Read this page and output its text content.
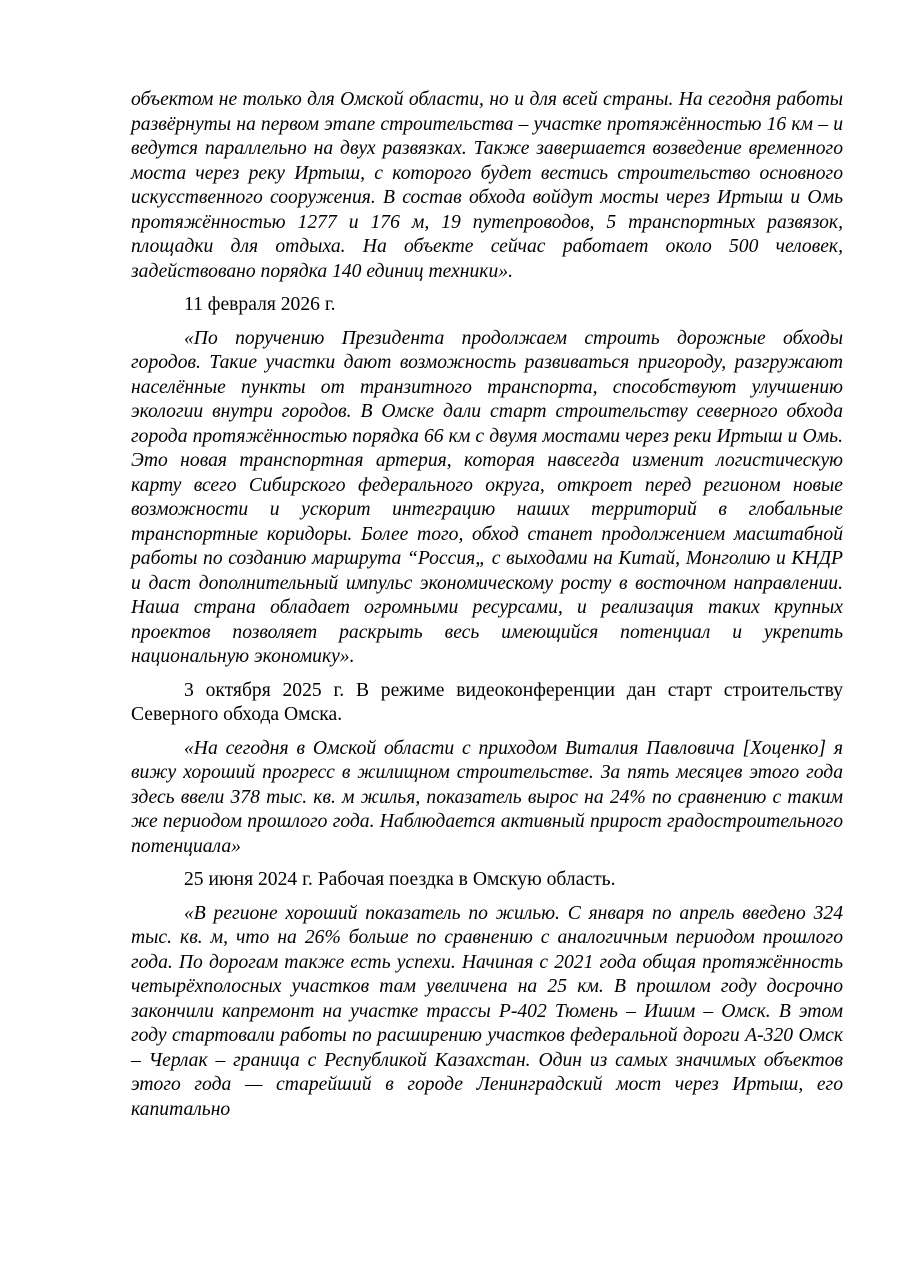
объектом не только для Омской области, но и для всей страны. На сегодня работы развёрнуты на первом этапе строительства – участке протяжённостью 16 км – и ведутся параллельно на двух развязках. Также завершается возведение временного моста через реку Иртыш, с которого будет вестись строительство основного искусственного сооружения. В состав обхода войдут мосты через Иртыш и Омь протяжённостью 1277 и 176 м, 19 путепроводов, 5 транспортных развязок, площадки для отдыха. На объекте сейчас работает около 500 человек, задействовано порядка 140 единиц техники».

11 февраля 2026 г.

«По поручению Президента продолжаем строить дорожные обходы городов. Такие участки дают возможность развиваться пригороду, разгружают населённые пункты от транзитного транспорта, способствуют улучшению экологии внутри городов. В Омске дали старт строительству северного обхода города протяжённостью порядка 66 км с двумя мостами через реки Иртыш и Омь. Это новая транспортная артерия, которая навсегда изменит логистическую карту всего Сибирского федерального округа, откроет перед регионом новые возможности и ускорит интеграцию наших территорий в глобальные транспортные коридоры. Более того, обход станет продолжением масштабной работы по созданию маршрута “Россия„ с выходами на Китай, Монголию и КНДР и даст дополнительный импульс экономическому росту в восточном направлении. Наша страна обладает огромными ресурсами, и реализация таких крупных проектов позволяет раскрыть весь имеющийся потенциал и укрепить национальную экономику».

3 октября 2025 г. В режиме видеоконференции дан старт строительству Северного обхода Омска.

«На сегодня в Омской области с приходом Виталия Павловича [Хоценко] я вижу хороший прогресс в жилищном строительстве. За пять месяцев этого года здесь ввели 378 тыс. кв. м жилья, показатель вырос на 24% по сравнению с таким же периодом прошлого года. Наблюдается активный прирост градостроительного потенциала»

25 июня 2024 г. Рабочая поездка в Омскую область.

«В регионе хороший показатель по жилью. С января по апрель введено 324 тыс. кв. м, что на 26% больше по сравнению с аналогичным периодом прошлого года. По дорогам также есть успехи. Начиная с 2021 года общая протяжённость четырёхполосных участков там увеличена на 25 км. В прошлом году досрочно закончили капремонт на участке трассы Р-402 Тюмень – Ишим – Омск. В этом году стартовали работы по расширению участков федеральной дороги А-320 Омск – Черлак – граница с Республикой Казахстан. Один из самых значимых объектов этого года — старейший в городе Ленинградский мост через Иртыш, его капитально
